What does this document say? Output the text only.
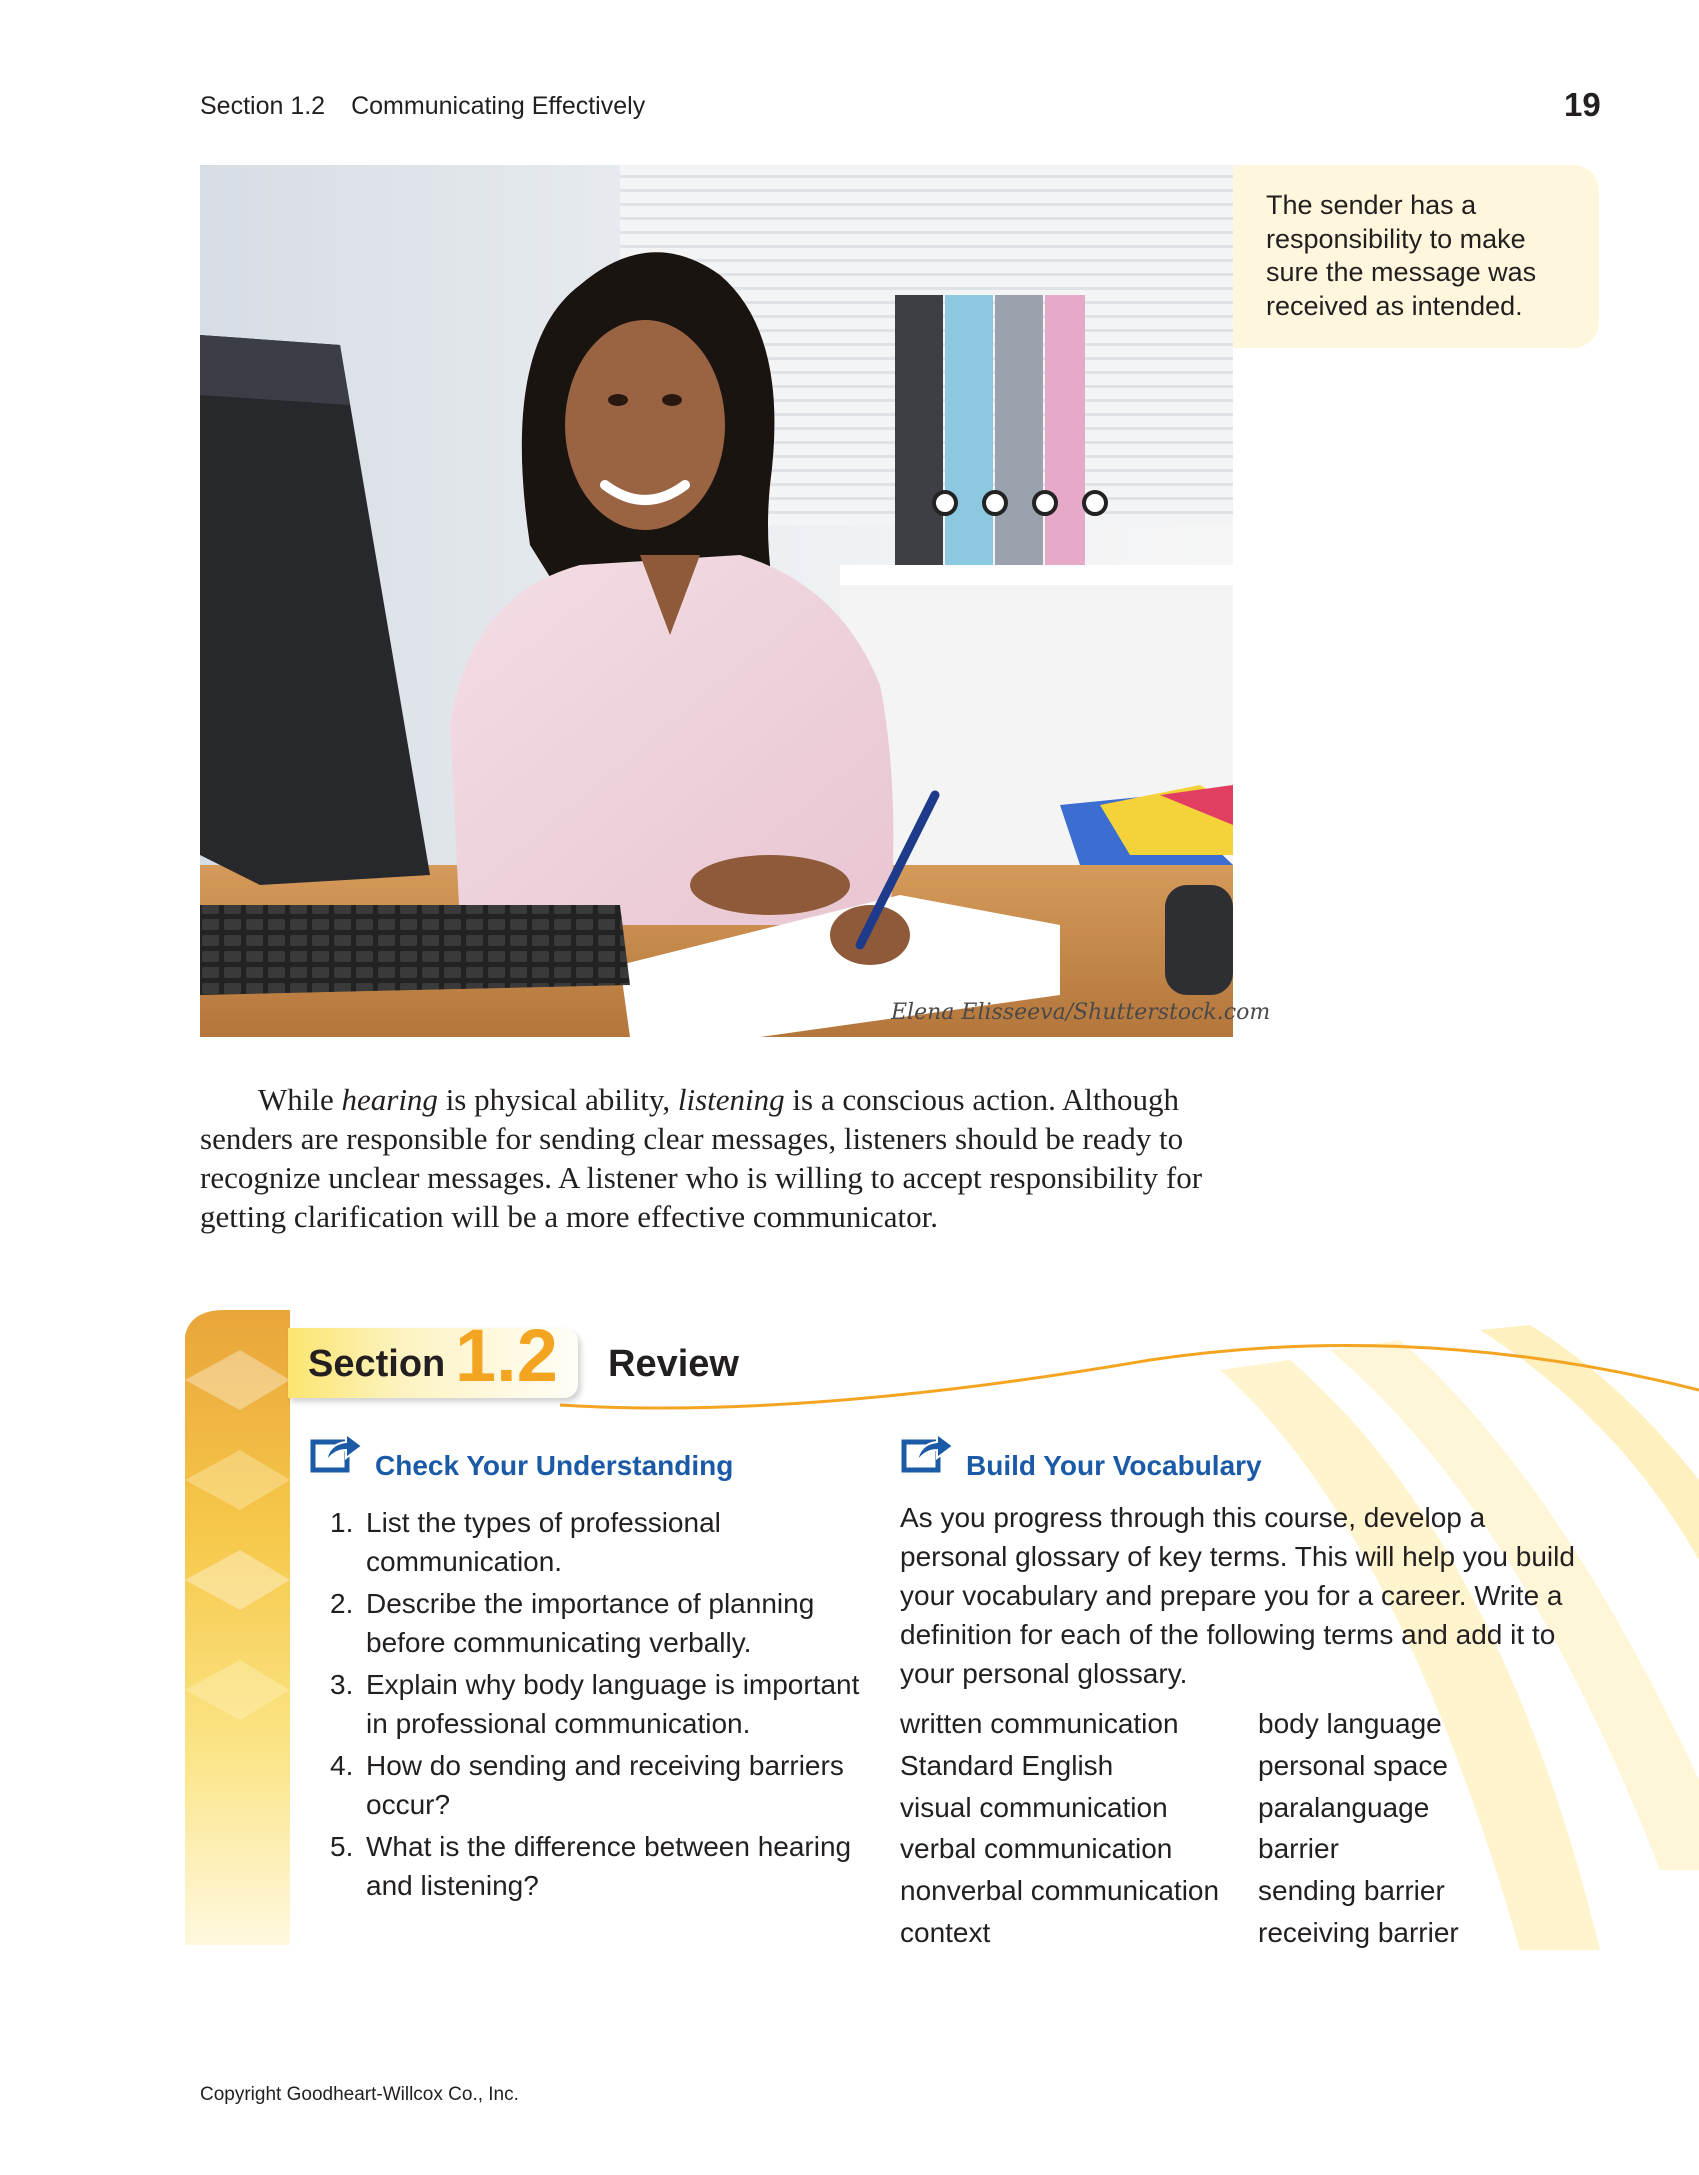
Section 1.2 Communicating Effectively	19
Elena Elisseeva/Shutterstock.com
The sender has a responsibility to make sure the message was received as intended.
While hearing is physical ability, listening is a conscious action. Although senders are responsible for sending clear messages, listeners should be ready to recognize unclear messages. A listener who is willing to accept responsibility for getting clarification will be a more effective communicator.
Section 1.2 Review
Check Your Understanding
1. List the types of professional communication.
2. Describe the importance of planning before communicating verbally.
3. Explain why body language is important in professional communication.
4. How do sending and receiving barriers occur?
5. What is the difference between hearing and listening?
Build Your Vocabulary
As you progress through this course, develop a personal glossary of key terms. This will help you build your vocabulary and prepare you for a career. Write a definition for each of the following terms and add it to your personal glossary.
written communication
Standard English
visual communication
verbal communication
nonverbal communication
context
body language
personal space
paralanguage
barrier
sending barrier
receiving barrier
Copyright Goodheart-Willcox Co., Inc.
